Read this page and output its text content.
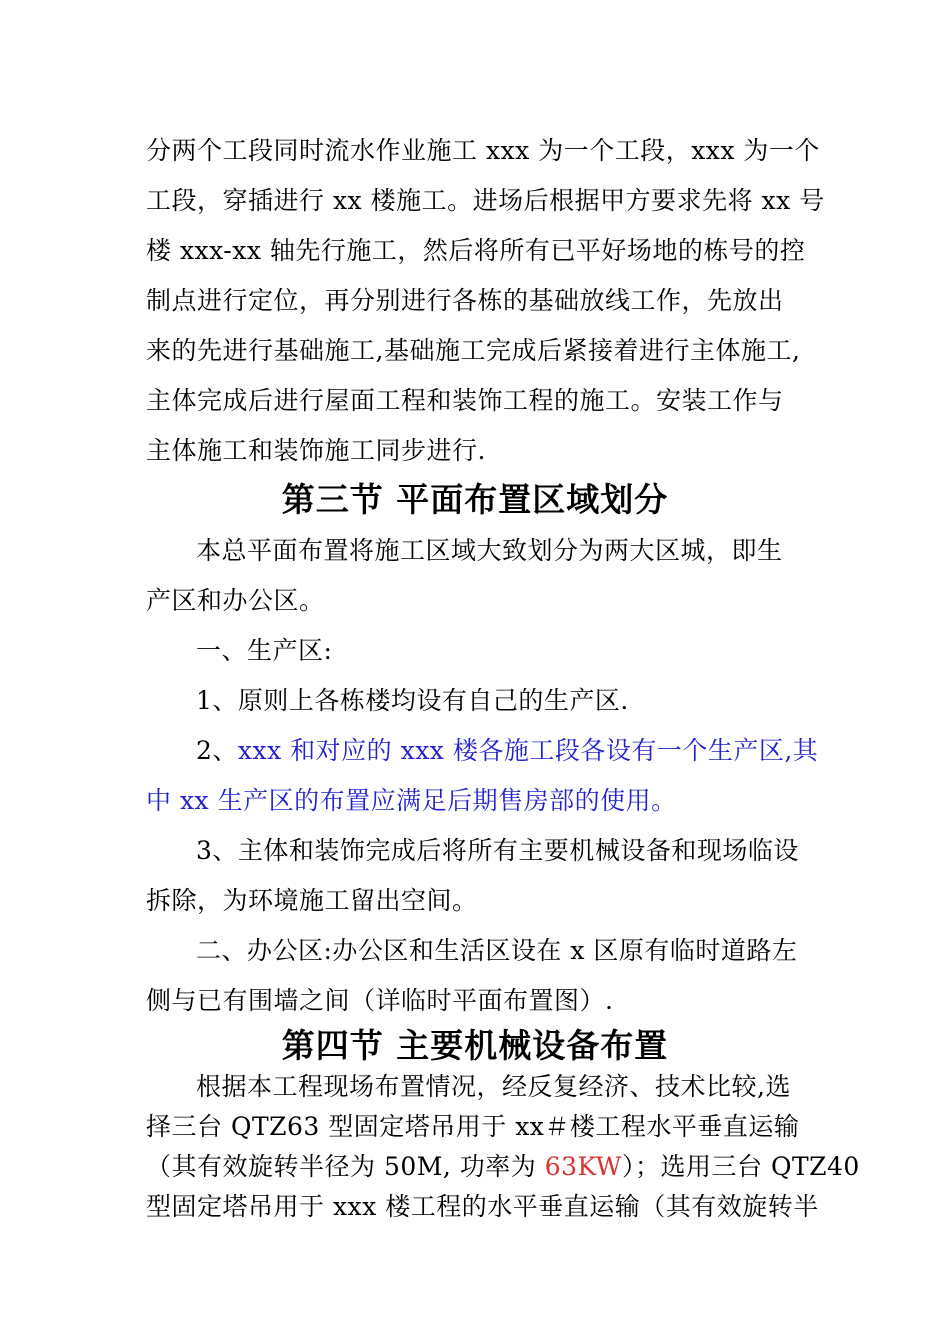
分两个工段同时流水作业施工 xxx 为一个工段，xxx 为一个
工段，穿插进行 xx 楼施工。进场后根据甲方要求先将 xx 号
楼 xxx-xx 轴先行施工，然后将所有已平好场地的栋号的控
制点进行定位，再分别进行各栋的基础放线工作，先放出
来的先进行基础施工,基础施工完成后紧接着进行主体施工,
主体完成后进行屋面工程和装饰工程的施工。安装工作与
主体施工和装饰施工同步进行.
第三节 平面布置区域划分
本总平面布置将施工区域大致划分为两大区城，即生
产区和办公区。
一、生产区:
1、原则上各栋楼均设有自己的生产区.
2、xxx 和对应的 xxx 楼各施工段各设有一个生产区,其
中 xx 生产区的布置应满足后期售房部的使用。
3、主体和装饰完成后将所有主要机械设备和现场临设
拆除，为环境施工留出空间。
二、办公区:办公区和生活区设在 x 区原有临时道路左
侧与已有围墙之间（详临时平面布置图）.
第四节 主要机械设备布置
根据本工程现场布置情况，经反复经济、技术比较,选
择三台 QTZ63 型固定塔吊用于 xx＃楼工程水平垂直运输
（其有效旋转半径为 50M, 功率为 63KW）；选用三台 QTZ40
型固定塔吊用于 xxx 楼工程的水平垂直运输（其有效旋转半
